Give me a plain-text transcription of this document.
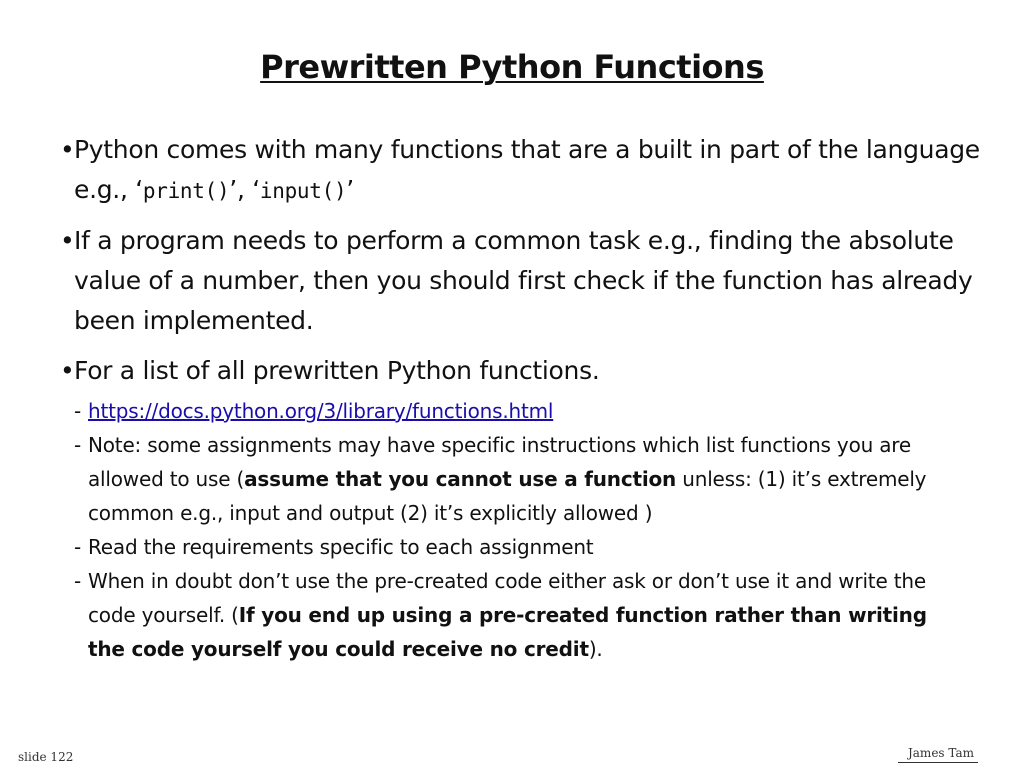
Prewritten Python Functions
• Python comes with many functions that are a built in part of the language e.g., ‘print()’, ‘input()’
• If a program needs to perform a common task e.g., finding the absolute value of a number, then you should first check if the function has already been implemented.
• For a list of all prewritten Python functions.
- https://docs.python.org/3/library/functions.html
- Note: some assignments may have specific instructions which list functions you are allowed to use (assume that you cannot use a function unless: (1) it’s extremely common e.g., input and output (2) it’s explicitly allowed )
- Read the requirements specific to each assignment
- When in doubt don’t use the pre-created code either ask or don’t use it and write the code yourself. (If you end up using a pre-created function rather than writing the code yourself you could receive no credit).
slide 122	James Tam
